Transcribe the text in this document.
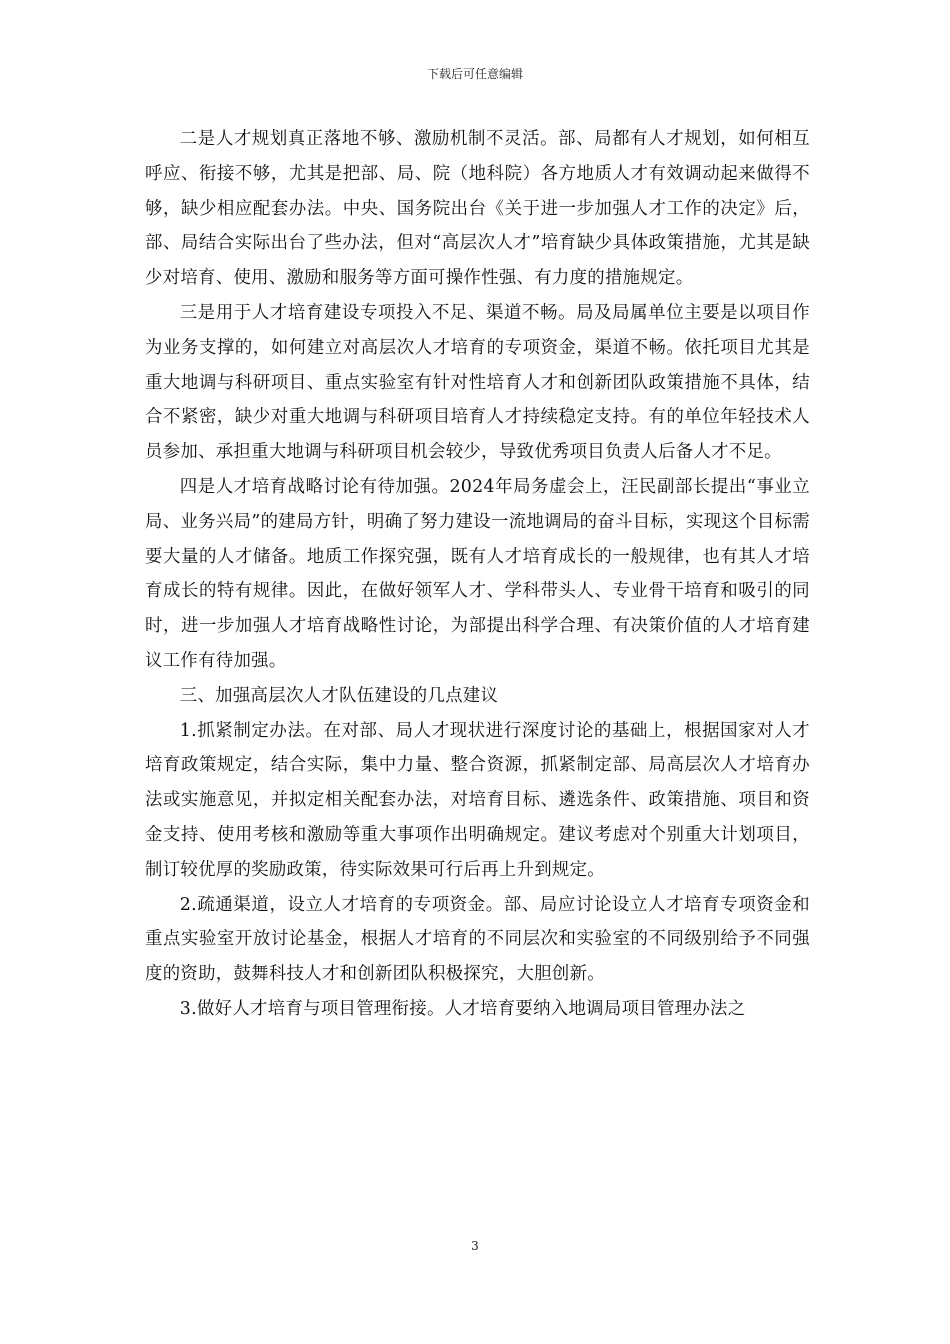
下载后可任意编辑

二是人才规划真正落地不够、激励机制不灵活。部、局都有人才规划，如何相互呼应、衔接不够，尤其是把部、局、院（地科院）各方地质人才有效调动起来做得不够，缺少相应配套办法。中央、国务院出台《关于进一步加强人才工作的决定》后，部、局结合实际出台了些办法，但对“高层次人才”培育缺少具体政策措施，尤其是缺少对培育、使用、激励和服务等方面可操作性强、有力度的措施规定。

三是用于人才培育建设专项投入不足、渠道不畅。局及局属单位主要是以项目作为业务支撑的，如何建立对高层次人才培育的专项资金，渠道不畅。依托项目尤其是重大地调与科研项目、重点实验室有针对性培育人才和创新团队政策措施不具体，结合不紧密，缺少对重大地调与科研项目培育人才持续稳定支持。有的单位年轻技术人员参加、承担重大地调与科研项目机会较少，导致优秀项目负责人后备人才不足。

四是人才培育战略讨论有待加强。2024年局务虚会上，汪民副部长提出“事业立局、业务兴局”的建局方针，明确了努力建设一流地调局的奋斗目标，实现这个目标需要大量的人才储备。地质工作探究强，既有人才培育成长的一般规律，也有其人才培育成长的特有规律。因此，在做好领军人才、学科带头人、专业骨干培育和吸引的同时，进一步加强人才培育战略性讨论，为部提出科学合理、有决策价值的人才培育建议工作有待加强。

三、加强高层次人才队伍建设的几点建议

1.抓紧制定办法。在对部、局人才现状进行深度讨论的基础上，根据国家对人才培育政策规定，结合实际，集中力量、整合资源，抓紧制定部、局高层次人才培育办法或实施意见，并拟定相关配套办法，对培育目标、遴选条件、政策措施、项目和资金支持、使用考核和激励等重大事项作出明确规定。建议考虑对个别重大计划项目，制订较优厚的奖励政策，待实际效果可行后再上升到规定。

2.疏通渠道，设立人才培育的专项资金。部、局应讨论设立人才培育专项资金和重点实验室开放讨论基金，根据人才培育的不同层次和实验室的不同级别给予不同强度的资助，鼓舞科技人才和创新团队积极探究，大胆创新。

3.做好人才培育与项目管理衔接。人才培育要纳入地调局项目管理办法之

3
